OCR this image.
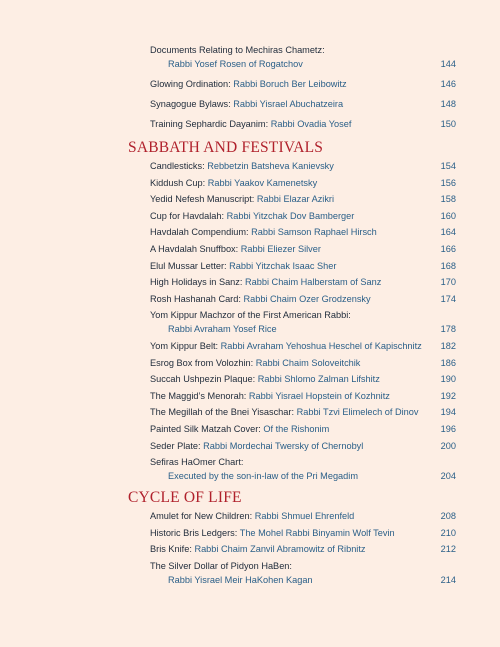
Documents Relating to Mechiras Chametz:
Rabbi Yosef Rosen of Rogatchov	144
Glowing Ordination: Rabbi Boruch Ber Leibowitz	146
Synagogue Bylaws: Rabbi Yisrael Abuchatzeira	148
Training Sephardic Dayanim: Rabbi Ovadia Yosef	150
SABBATH AND FESTIVALS
Candlesticks: Rebbetzin Batsheva Kanievsky	154
Kiddush Cup: Rabbi Yaakov Kamenetsky	156
Yedid Nefesh Manuscript: Rabbi Elazar Azikri	158
Cup for Havdalah: Rabbi Yitzchak Dov Bamberger	160
Havdalah Compendium: Rabbi Samson Raphael Hirsch	164
A Havdalah Snuffbox: Rabbi Eliezer Silver	166
Elul Mussar Letter: Rabbi Yitzchak Isaac Sher	168
High Holidays in Sanz: Rabbi Chaim Halberstam of Sanz	170
Rosh Hashanah Card: Rabbi Chaim Ozer Grodzensky	174
Yom Kippur Machzor of the First American Rabbi:
Rabbi Avraham Yosef Rice	178
Yom Kippur Belt: Rabbi Avraham Yehoshua Heschel of Kapischnitz	182
Esrog Box from Volozhin: Rabbi Chaim Soloveitchik	186
Succah Ushpezin Plaque: Rabbi Shlomo Zalman Lifshitz	190
The Maggid’s Menorah: Rabbi Yisrael Hopstein of Kozhnitz	192
The Megillah of the Bnei Yisaschar: Rabbi Tzvi Elimelech of Dinov	194
Painted Silk Matzah Cover: Of the Rishonim	196
Seder Plate: Rabbi Mordechai Twersky of Chernobyl	200
Sefiras HaOmer Chart:
Executed by the son-in-law of the Pri Megadim	204
CYCLE OF LIFE
Amulet for New Children: Rabbi Shmuel Ehrenfeld	208
Historic Bris Ledgers: The Mohel Rabbi Binyamin Wolf Tevin	210
Bris Knife: Rabbi Chaim Zanvil Abramowitz of Ribnitz	212
The Silver Dollar of Pidyon HaBen:
Rabbi Yisrael Meir HaKohen Kagan	214
